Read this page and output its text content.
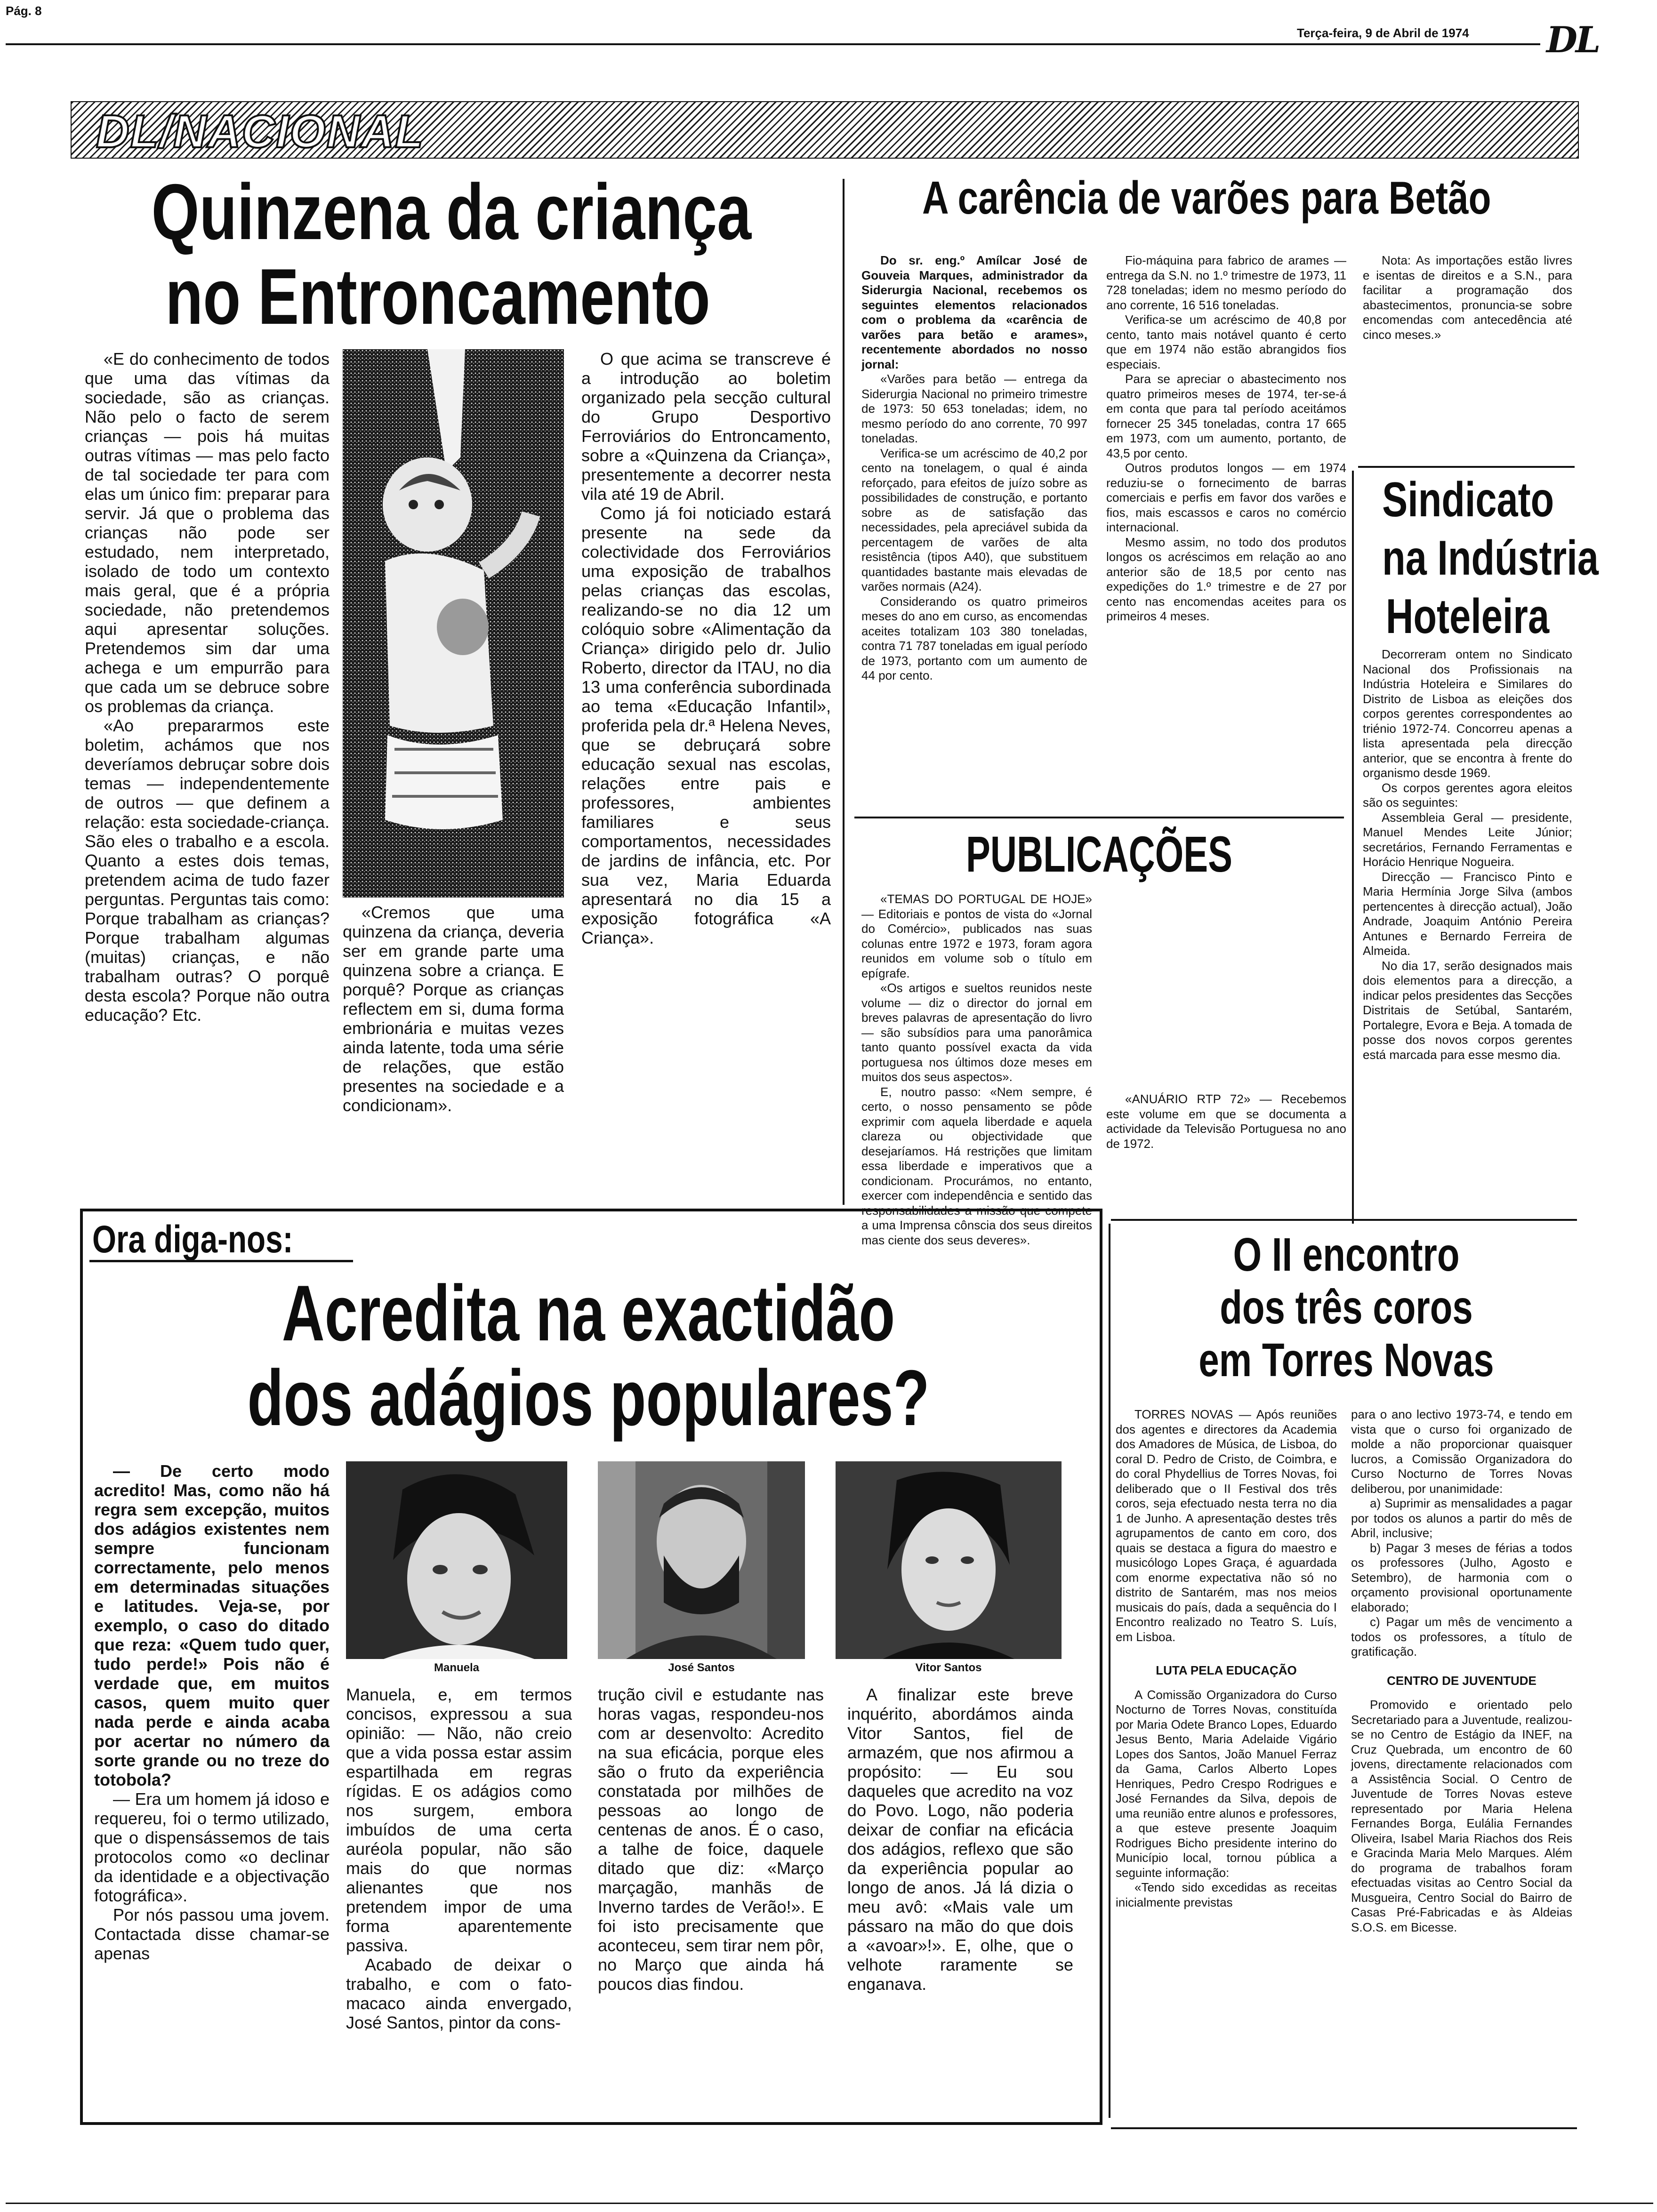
Pág. 8
Terça-feira, 9 de Abril de 1974 DL
DL/NACIONAL
Quinzena da criança
no Entroncamento

«E do conhecimento de todos que uma das vítimas da sociedade, são as crianças. Não pelo o facto de serem crianças — pois há muitas outras vítimas — mas pelo facto de tal sociedade ter para com elas um único fim: preparar para servir. Já que o problema das crianças não pode ser estudado, nem interpretado, isolado de todo um contexto mais geral, que é a própria sociedade, não pretendemos aqui apresentar soluções. Pretendemos sim dar uma achega e um empurrão para que cada um se debruce sobre os problemas da criança.

«Ao prepararmos este boletim, achámos que nos deveríamos debruçar sobre dois temas — independentemente de outros — que definem a relação: esta sociedade-criança. São eles o trabalho e a escola. Quanto a estes dois temas, pretendem acima de tudo fazer perguntas. Perguntas tais como: Porque trabalham as crianças? Porque trabalham algumas (muitas) crianças, e não trabalham outras? O porquê desta escola? Porque não outra educação? Etc.

«Cremos que uma quinzena da criança, deveria ser em grande parte uma quinzena sobre a criança. E porquê? Porque as crianças reflectem em si, duma forma embrionária e muitas vezes ainda latente, toda uma série de relações, que estão presentes na sociedade e a condicionam».

O que acima se transcreve é a introdução ao boletim organizado pela secção cultural do Grupo Desportivo Ferroviários do Entroncamento, sobre a «Quinzena da Criança», presentemente a decorrer nesta vila até 19 de Abril.

Como já foi noticiado estará presente na sede da colectividade dos Ferroviários uma exposição de trabalhos pelas crianças das escolas, realizando-se no dia 12 um colóquio sobre «Alimentação da Criança» dirigido pelo dr. Julio Roberto, director da ITAU, no dia 13 uma conferência subordinada ao tema «Educação Infantil», proferida pela dr.ª Helena Neves, que se debruçará sobre educação sexual nas escolas, relações entre pais e professores, ambientes familiares e seus comportamentos, necessidades de jardins de infância, etc. Por sua vez, Maria Eduarda apresentará no dia 15 a exposição fotográfica «A Criança».

A carência de varões para Betão

Do sr. eng.º Amílcar José de Gouveia Marques, administrador da Siderurgia Nacional, recebemos os seguintes elementos relacionados com o problema da «carência de varões para betão e arames», recentemente abordados no nosso jornal:

«Varões para betão — entrega da Siderurgia Nacional no primeiro trimestre de 1973: 50 653 toneladas; idem, no mesmo período do ano corrente, 70 997 toneladas.

Verifica-se um acréscimo de 40,2 por cento na tonelagem, o qual é ainda reforçado, para efeitos de juízo sobre as possibilidades de construção, e portanto sobre as de satisfação das necessidades, pela apreciável subida da percentagem de varões de alta resistência (tipos A40), que substituem quantidades bastante mais elevadas de varões normais (A24).

Considerando os quatro primeiros meses do ano em curso, as encomendas aceites totalizam 103 380 toneladas, contra 71 787 toneladas em igual período de 1973, portanto com um aumento de 44 por cento.

Fio-máquina para fabrico de arames — entrega da S.N. no 1.º trimestre de 1973, 11 728 toneladas; idem no mesmo período do ano corrente, 16 516 toneladas.

Verifica-se um acréscimo de 40,8 por cento, tanto mais notável quanto é certo que em 1974 não estão abrangidos fios especiais.

Para se apreciar o abastecimento nos quatro primeiros meses de 1974, ter-se-á em conta que para tal período aceitámos fornecer 25 345 toneladas, contra 17 665 em 1973, com um aumento, portanto, de 43,5 por cento.

Outros produtos longos — em 1974 reduziu-se o fornecimento de barras comerciais e perfis em favor dos varões e fios, mais escassos e caros no comércio internacional.

Mesmo assim, no todo dos produtos longos os acréscimos em relação ao ano anterior são de 18,5 por cento nas expedições do 1.º trimestre e de 27 por cento nas encomendas aceites para os primeiros 4 meses.

Nota: As importações estão livres e isentas de direitos e a S.N., para facilitar a programação dos abastecimentos, pronuncia-se sobre encomendas com antecedência até cinco meses.»

PUBLICAÇÕES

«TEMAS DO PORTUGAL DE HOJE» — Editoriais e pontos de vista do «Jornal do Comércio», publicados nas suas colunas entre 1972 e 1973, foram agora reunidos em volume sob o título em epígrafe.

«Os artigos e sueltos reunidos neste volume — diz o director do jornal em breves palavras de apresentação do livro — são subsídios para uma panorâmica tanto quanto possível exacta da vida portuguesa nos últimos doze meses em muitos dos seus aspectos».

E, noutro passo: «Nem sempre, é certo, o nosso pensamento se pôde exprimir com aquela liberdade e aquela clareza ou objectividade que desejaríamos. Há restrições que limitam essa liberdade e imperativos que a condicionam. Procurámos, no entanto, exercer com independência e sentido das responsabilidades a missão que compete a uma Imprensa cônscia dos seus direitos mas ciente dos seus deveres».

«ANUÁRIO RTP 72» — Recebemos este volume em que se documenta a actividade da Televisão Portuguesa no ano de 1972.

Sindicato
na Indústria
Hoteleira

Decorreram ontem no Sindicato Nacional dos Profissionais na Indústria Hoteleira e Similares do Distrito de Lisboa as eleições dos corpos gerentes correspondentes ao triénio 1972-74. Concorreu apenas a lista apresentada pela direcção anterior, que se encontra à frente do organismo desde 1969.

Os corpos gerentes agora eleitos são os seguintes:

Assembleia Geral — presidente, Manuel Mendes Leite Júnior; secretários, Fernando Ferramentas e Horácio Henrique Nogueira.

Direcção — Francisco Pinto e Maria Hermínia Jorge Silva (ambos pertencentes à direcção actual), João Andrade, Joaquim António Pereira Antunes e Bernardo Ferreira de Almeida.

No dia 17, serão designados mais dois elementos para a direcção, a indicar pelos presidentes das Secções Distritais de Setúbal, Santarém, Portalegre, Evora e Beja. A tomada de posse dos novos corpos gerentes está marcada para esse mesmo dia.

Ora diga-nos:
Acredita na exactidão
dos adágios populares?

— De certo modo acredito! Mas, como não há regra sem excepção, muitos dos adágios existentes nem sempre funcionam correctamente, pelo menos em determinadas situações e latitudes. Veja-se, por exemplo, o caso do ditado que reza: «Quem tudo quer, tudo perde!» Pois não é verdade que, em muitos casos, quem muito quer nada perde e ainda acaba por acertar no número da sorte grande ou no treze do totobola?

— Era um homem já idoso e requereu, foi o termo utilizado, que o dispensássemos de tais protocolos como «o declinar da identidade e a objectivação fotográfica».

Por nós passou uma jovem. Contactada disse chamar-se apenas

Manuela	José Santos	Vitor Santos

Manuela, e, em termos concisos, expressou a sua opinião: — Não, não creio que a vida possa estar assim espartilhada em regras rígidas. E os adágios como nos surgem, embora imbuídos de uma certa auréola popular, não são mais do que normas alienantes que nos pretendem impor de uma forma aparentemente passiva.

Acabado de deixar o trabalho, e com o fato-macaco ainda envergado, José Santos, pintor da cons-

trução civil e estudante nas horas vagas, respondeu-nos com ar desenvolto: Acredito na sua eficácia, porque eles são o fruto da experiência constatada por milhões de pessoas ao longo de centenas de anos. É o caso, a talhe de foice, daquele ditado que diz: «Março marçagão, manhãs de Inverno tardes de Verão!». E foi isto precisamente que aconteceu, sem tirar nem pôr, no Março que ainda há poucos dias findou.

A finalizar este breve inquérito, abordámos ainda Vitor Santos, fiel de armazém, que nos afirmou a propósito: — Eu sou daqueles que acredito na voz do Povo. Logo, não poderia deixar de confiar na eficácia dos adágios, reflexo que são da experiência popular ao longo de anos. Já lá dizia o meu avô: «Mais vale um pássaro na mão do que dois a «avoar»!». E, olhe, que o velhote raramente se enganava.

O II encontro
dos três coros
em Torres Novas

TORRES NOVAS — Após reuniões dos agentes e directores da Academia dos Amadores de Música, de Lisboa, do coral D. Pedro de Cristo, de Coimbra, e do coral Phydellius de Torres Novas, foi deliberado que o II Festival dos três coros, seja efectuado nesta terra no dia 1 de Junho. A apresentação destes três agrupamentos de canto em coro, dos quais se destaca a figura do maestro e musicólogo Lopes Graça, é aguardada com enorme expectativa não só no distrito de Santarém, mas nos meios musicais do país, dada a sequência do I Encontro realizado no Teatro S. Luís, em Lisboa.

LUTA PELA EDUCAÇÃO

A Comissão Organizadora do Curso Nocturno de Torres Novas, constituída por Maria Odete Branco Lopes, Eduardo Jesus Bento, Maria Adelaide Vigário Lopes dos Santos, João Manuel Ferraz da Gama, Carlos Alberto Lopes Henriques, Pedro Crespo Rodrigues e José Fernandes da Silva, depois de uma reunião entre alunos e professores, a que esteve presente Joaquim Rodrigues Bicho presidente interino do Município local, tornou pública a seguinte informação:

«Tendo sido excedidas as receitas inicialmente previstas

para o ano lectivo 1973-74, e tendo em vista que o curso foi organizado de molde a não proporcionar quaisquer lucros, a Comissão Organizadora do Curso Nocturno de Torres Novas deliberou, por unanimidade:

a) Suprimir as mensalidades a pagar por todos os alunos a partir do mês de Abril, inclusive;

b) Pagar 3 meses de férias a todos os professores (Julho, Agosto e Setembro), de harmonia com o orçamento provisional oportunamente elaborado;

c) Pagar um mês de vencimento a todos os professores, a título de gratificação.

CENTRO DE JUVENTUDE

Promovido e orientado pelo Secretariado para a Juventude, realizou-se no Centro de Estágio da INEF, na Cruz Quebrada, um encontro de 60 jovens, directamente relacionados com a Assistência Social. O Centro de Juventude de Torres Novas esteve representado por Maria Helena Fernandes Borga, Eulália Fernandes Oliveira, Isabel Maria Riachos dos Reis e Gracinda Maria Melo Marques. Além do programa de trabalhos foram efectuadas visitas ao Centro Social da Musgueira, Centro Social do Bairro de Casas Pré-Fabricadas e às Aldeias S.O.S. em Bicesse.
